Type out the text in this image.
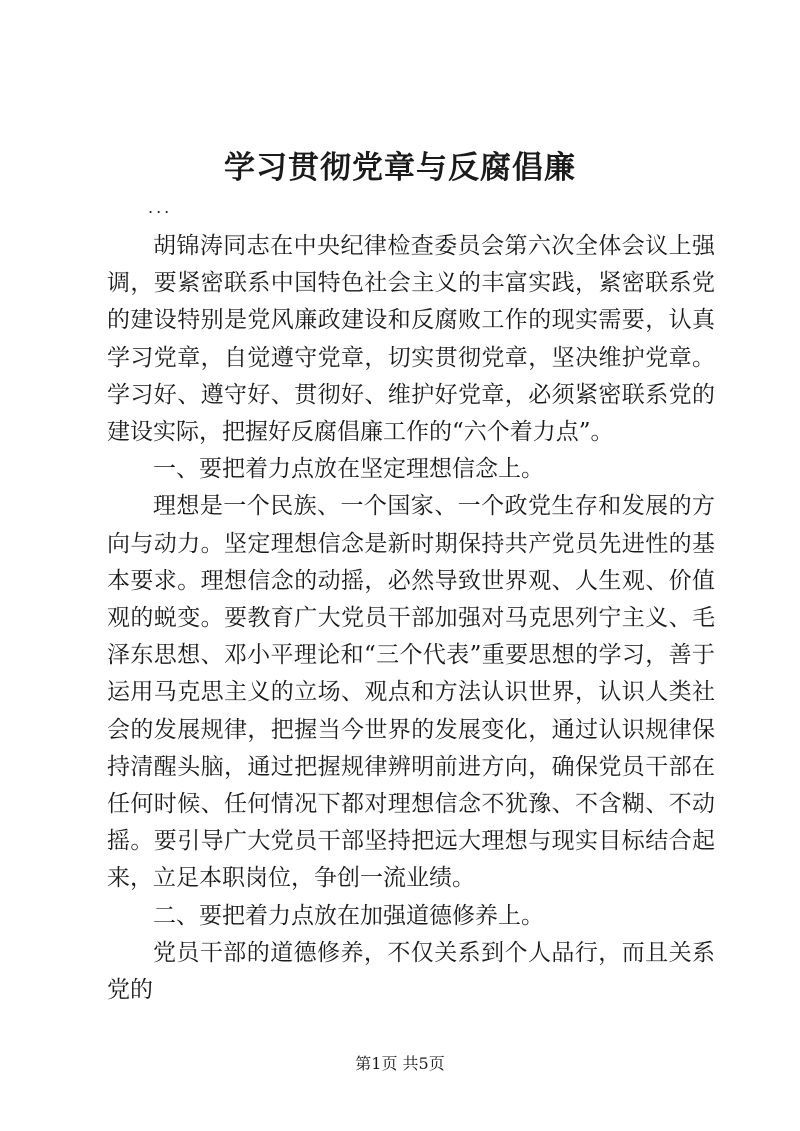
学习贯彻党章与反腐倡廉
...

胡锦涛同志在中央纪律检查委员会第六次全体会议上强调，要紧密联系中国特色社会主义的丰富实践，紧密联系党的建设特别是党风廉政建设和反腐败工作的现实需要，认真学习党章，自觉遵守党章，切实贯彻党章，坚决维护党章。学习好、遵守好、贯彻好、维护好党章，必须紧密联系党的建设实际，把握好反腐倡廉工作的“六个着力点”。

一、要把着力点放在坚定理想信念上。

理想是一个民族、一个国家、一个政党生存和发展的方向与动力。坚定理想信念是新时期保持共产党员先进性的基本要求。理想信念的动摇，必然导致世界观、人生观、价值观的蜕变。要教育广大党员干部加强对马克思列宁主义、毛泽东思想、邓小平理论和“三个代表”重要思想的学习，善于运用马克思主义的立场、观点和方法认识世界，认识人类社会的发展规律，把握当今世界的发展变化，通过认识规律保持清醒头脑，通过把握规律辨明前进方向，确保党员干部在任何时候、任何情况下都对理想信念不犹豫、不含糊、不动摇。要引导广大党员干部坚持把远大理想与现实目标结合起来，立足本职岗位，争创一流业绩。

二、要把着力点放在加强道德修养上。

党员干部的道德修养，不仅关系到个人品行，而且关系党的

第1页 共5页
